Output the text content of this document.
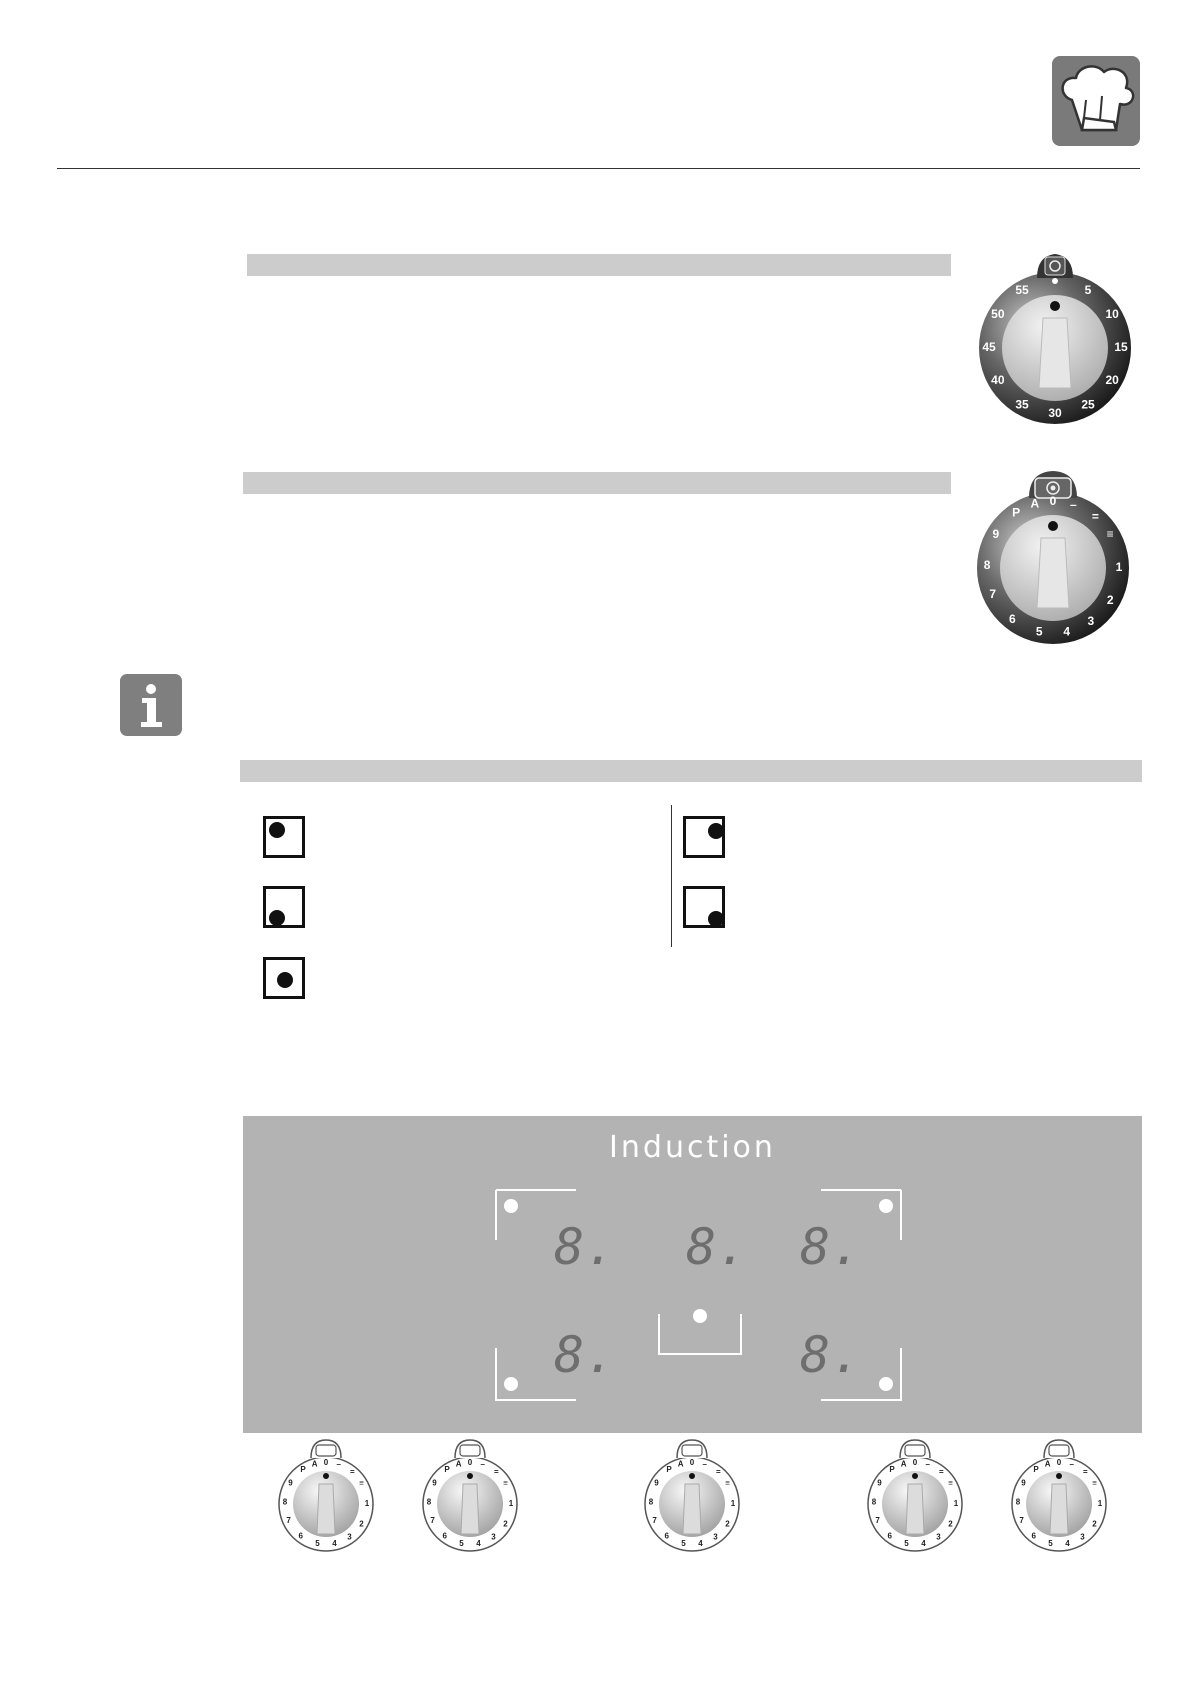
5
10
15
20
25
30
35
40
45
50
55
0 –
=
≡
1
2
3
4
5
6
7
8
9
P
A
Induction
8. 8. 8.
8.	8.
0 –
=
≡
1
2
3
4
5
6
7
8
9
P
A	0 –
=
≡
1
2
3
4
5
6
7
8
9
P
A	0 –
=
≡
1
2
3
4
5
6
7
8
9
P
A	0 –
=
≡
1
2
3
4
5
6
7
8
9
P
A	0 –
=
≡
1
2
3
4
5
6
7
8
9
P
A
